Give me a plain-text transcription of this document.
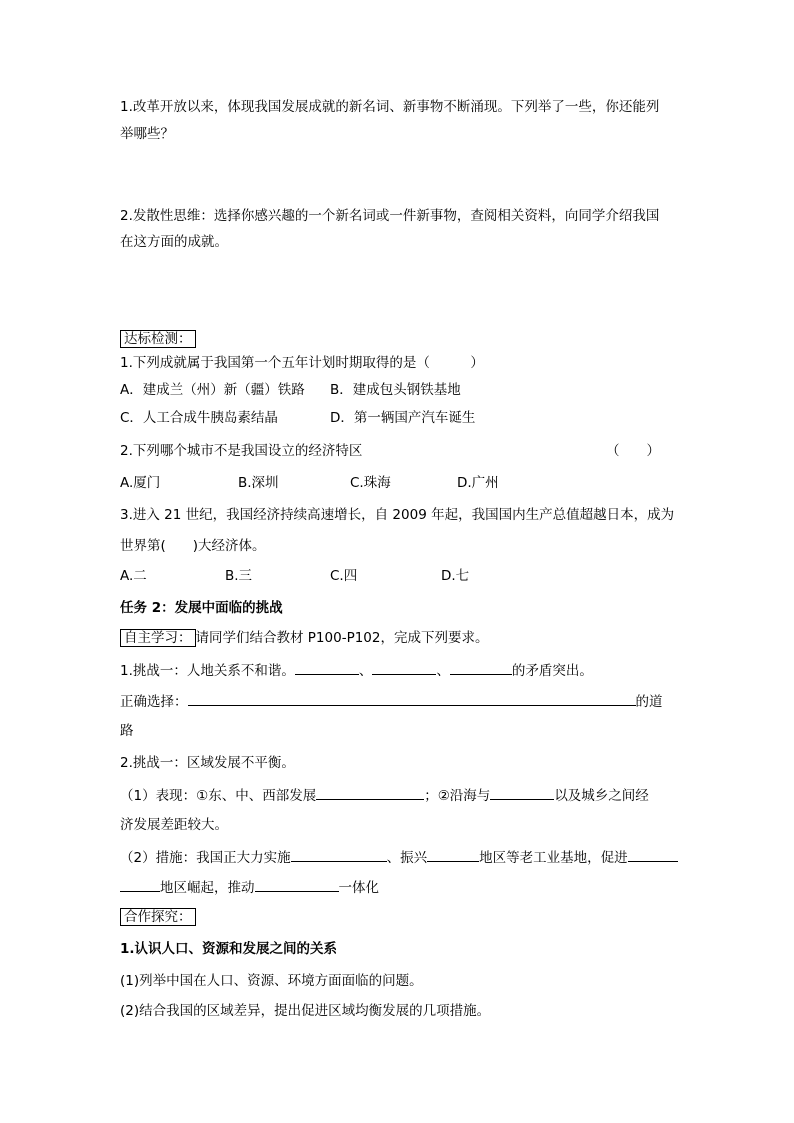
1.改革开放以来，体现我国发展成就的新名词、新事物不断涌现。下列举了一些，你还能列
举哪些？
2.发散性思维：选择你感兴趣的一个新名词或一件新事物，查阅相关资料，向同学介绍我国
在这方面的成就。
达标检测：
1.下列成就属于我国第一个五年计划时期取得的是（　　　）
A．建成兰（州）新（疆）铁路 B．建成包头钢铁基地
C．人工合成牛胰岛素结晶	D．第一辆国产汽车诞生
2.下列哪个城市不是我国设立的经济特区	（　　）
A.厦门	B.深圳	C.珠海	D.广州
3.进入 21 世纪，我国经济持续高速增长，自 2009 年起，我国国内生产总值超越日本，成为
世界第(　　)大经济体。
A.二	B.三	C.四	D.七
任务 2：发展中面临的挑战
自主学习： 请同学们结合教材 P100-P102，完成下列要求。
1.挑战一：人地关系不和谐。	、	、	的矛盾突出。
正确选择：	的道
路
2.挑战一：区域发展不平衡。
（1）表现：①东、中、西部发展	；②沿海与	以及城乡之间经
济发展差距较大。
（2）措施：我国正大力实施	、振兴	地区等老工业基地，促进
地区崛起，推动	一体化
合作探究：
1.认识人口、资源和发展之间的关系
(1)列举中国在人口、资源、环境方面面临的问题。
(2)结合我国的区域差异，提出促进区域均衡发展的几项措施。
